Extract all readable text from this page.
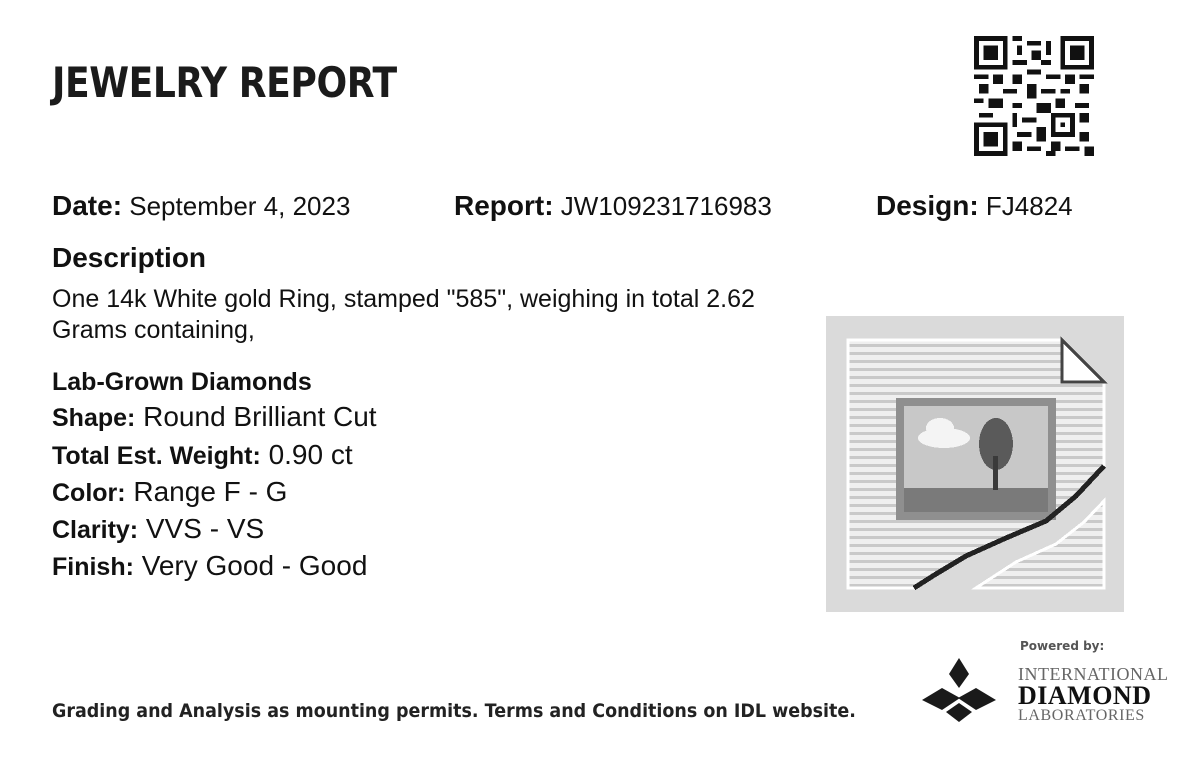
JEWELRY REPORT
Date: September 4, 2023	Report: JW109231716983	Design: FJ4824
Description
One 14k White gold Ring, stamped "585", weighing in total 2.62 Grams containing,
Lab-Grown Diamonds
Shape: Round Brilliant Cut
Total Est. Weight: 0.90 ct
Color: Range F - G
Clarity: VVS - VS
Finish: Very Good - Good
Grading and Analysis as mounting permits. Terms and Conditions on IDL website.
Powered by:
INTERNATIONAL
DIAMOND
LABORATORIES
